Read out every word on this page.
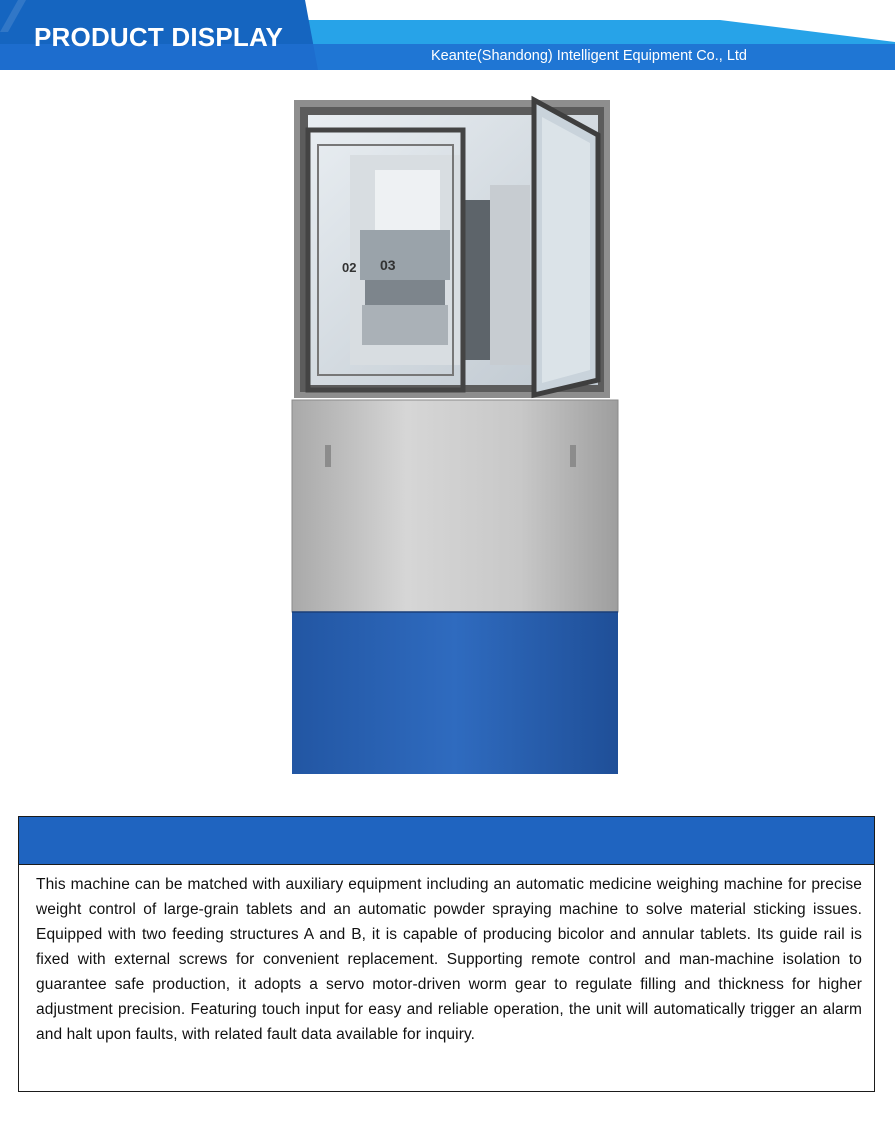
PRODUCT DISPLAY
Keante(Shandong) Intelligent Equipment Co., Ltd
03
02

This machine can be matched with auxiliary equipment including an automatic medicine weighing machine for precise weight control of large-grain tablets and an automatic powder spraying machine to solve material sticking issues. Equipped with two feeding structures A and B, it is capable of producing bicolor and annular tablets. Its guide rail is fixed with external screws for convenient replacement. Supporting remote control and man-machine isolation to guarantee safe production, it adopts a servo motor-driven worm gear to regulate filling and thickness for higher adjustment precision. Featuring touch input for easy and reliable operation, the unit will automatically trigger an alarm and halt upon faults, with related fault data available for inquiry.
